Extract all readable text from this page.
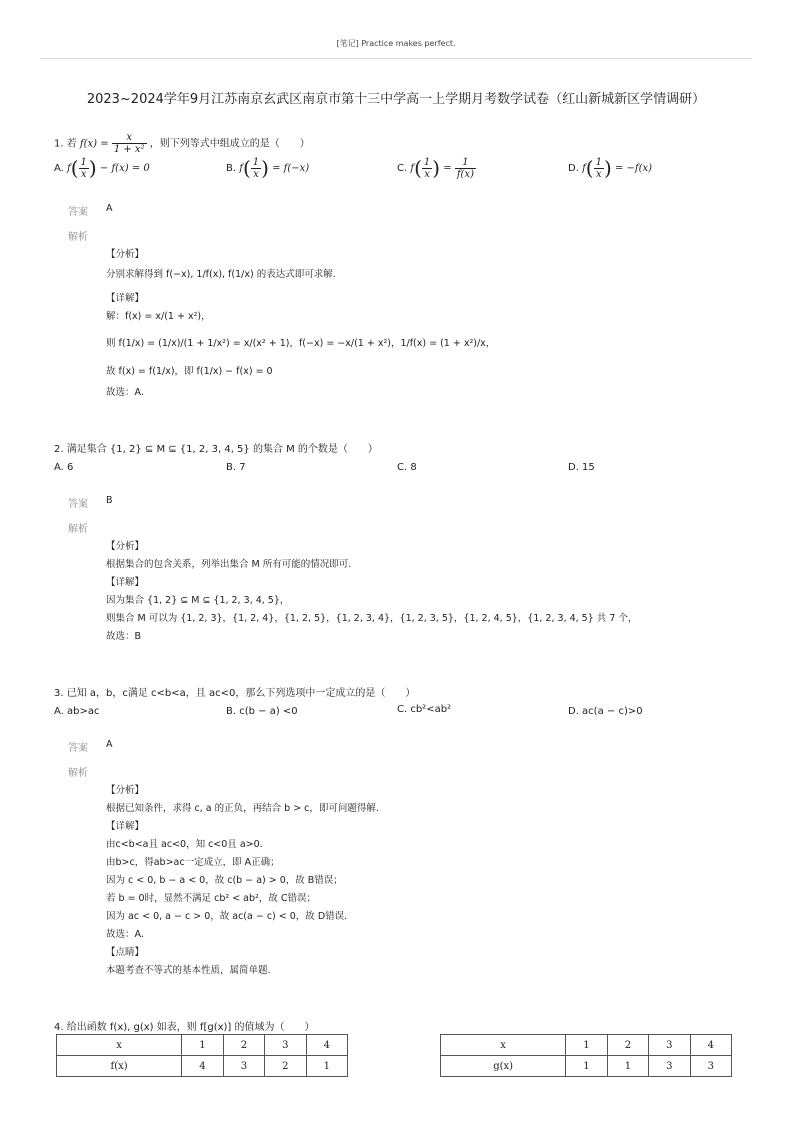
[笔记] Practice makes perfect.
2023~2024学年9月江苏南京玄武区南京市第十三中学高一上学期月考数学试卷（红山新城新区学情调研）
1. 若 $f(x) = \frac{x}{\text{1 + x²}}$ ，则下列等式中组成立的是（　　）
A. $f( \frac{1}{x}$ ) − f(x) = 0	B. $f( \frac{1}{x}$ ) = f(−x)	C. $f( \frac{1}{x}$ ) = $\frac{1}{f(x)}$	D. $f( \frac{1}{x}$ ) = −f(x)
答案 A
解析
【分析】
分别求解得到 f(−x), 1/f(x), f(1/x) 的表达式即可求解.
【详解】
解：f(x) = x/(1 + x²)，
则 f(1/x) = (1/x)/(1 + 1/x²) = x/(x² + 1)，f(−x) = −x/(1 + x²)，1/f(x) = (1 + x²)/x，
故 f(x) = f(1/x)，即 f(1/x) − f(x) = 0
故选：A.
2. 满足集合 {1, 2} ⊆ M ⊆ {1, 2, 3, 4, 5} 的集合 M 的个数是（　　）
A. 6	B. 7	C. 8	D. 15
答案 B
解析
【分析】
根据集合的包含关系，列举出集合 M 所有可能的情况即可.
【详解】
因为集合 {1, 2} ⊆ M ⊆ {1, 2, 3, 4, 5}，
则集合 M 可以为 {1, 2, 3}，{1, 2, 4}，{1, 2, 5}，{1, 2, 3, 4}，{1, 2, 3, 5}，{1, 2, 4, 5}，{1, 2, 3, 4, 5} 共 7 个，
故选：B
3. 已知 a，b，c满足 c<b<a，且 ac<0，那么下列选项中一定成立的是（　　）
A. ab>ac	B. c(b − a) <0	C. cb²<ab²	D. ac(a − c)>0
答案 A
解析
【分析】
根据已知条件，求得 c, a 的正负，再结合 b > c，即可问题得解.
【详解】
由c<b<a且 ac<0，知 c<0且 a>0.
由b>c，得ab>ac一定成立，即 A正确；
因为 c < 0, b − a < 0，故 c(b − a) > 0，故 B错误；
若 b = 0时，显然不满足 cb² < ab²，故 C错误；
因为 ac < 0, a − c > 0，故 ac(a − c) < 0，故 D错误.
故选：A.
【点睛】
本题考查不等式的基本性质，属简单题.
4. 给出函数 f(x), g(x) 如表，则 f[g(x)] 的值域为（　　）
x	1	2	3	4
f(x)	4	3	2	1
x	1	2	3	4
g(x)	1	1	3	3
